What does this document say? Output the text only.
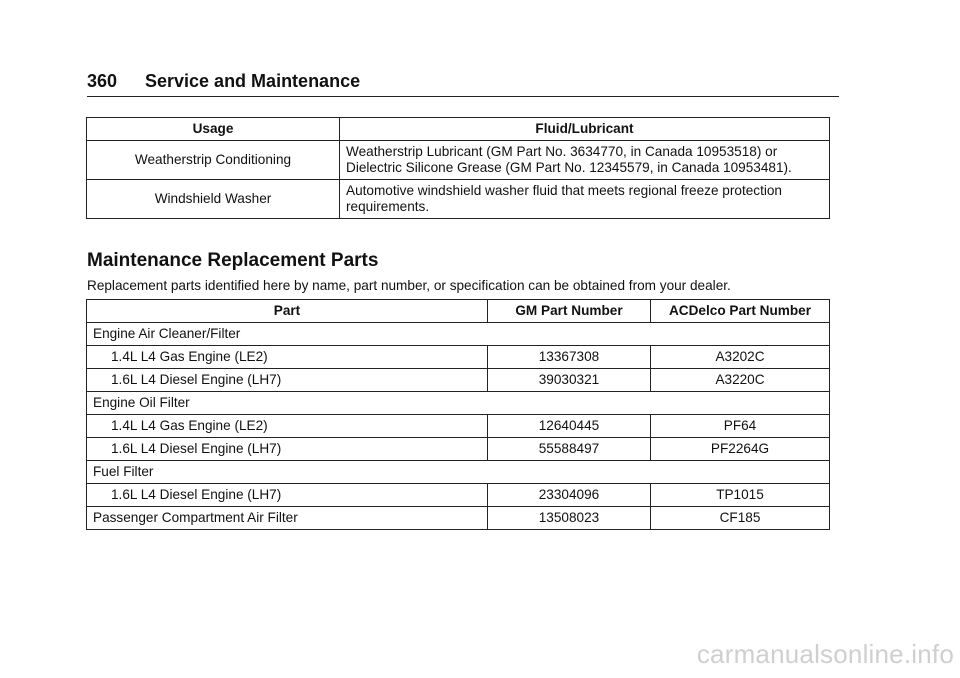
360 Service and Maintenance
Usage	Fluid/Lubricant
Weatherstrip Conditioning	Weatherstrip Lubricant (GM Part No. 3634770, in Canada 10953518) or Dielectric Silicone Grease (GM Part No. 12345579, in Canada 10953481).
Windshield Washer	Automotive windshield washer fluid that meets regional freeze protection requirements.
Maintenance Replacement Parts

Replacement parts identified here by name, part number, or specification can be obtained from your dealer.

Part	GM Part Number	ACDelco Part Number
Engine Air Cleaner/Filter		
1.4L L4 Gas Engine (LE2)	13367308	A3202C
1.6L L4 Diesel Engine (LH7)	39030321	A3220C
Engine Oil Filter		
1.4L L4 Gas Engine (LE2)	12640445	PF64
1.6L L4 Diesel Engine (LH7)	55588497	PF2264G
Fuel Filter		
1.6L L4 Diesel Engine (LH7)	23304096	TP1015
Passenger Compartment Air Filter	13508023	CF185
carmanualsonline.info
